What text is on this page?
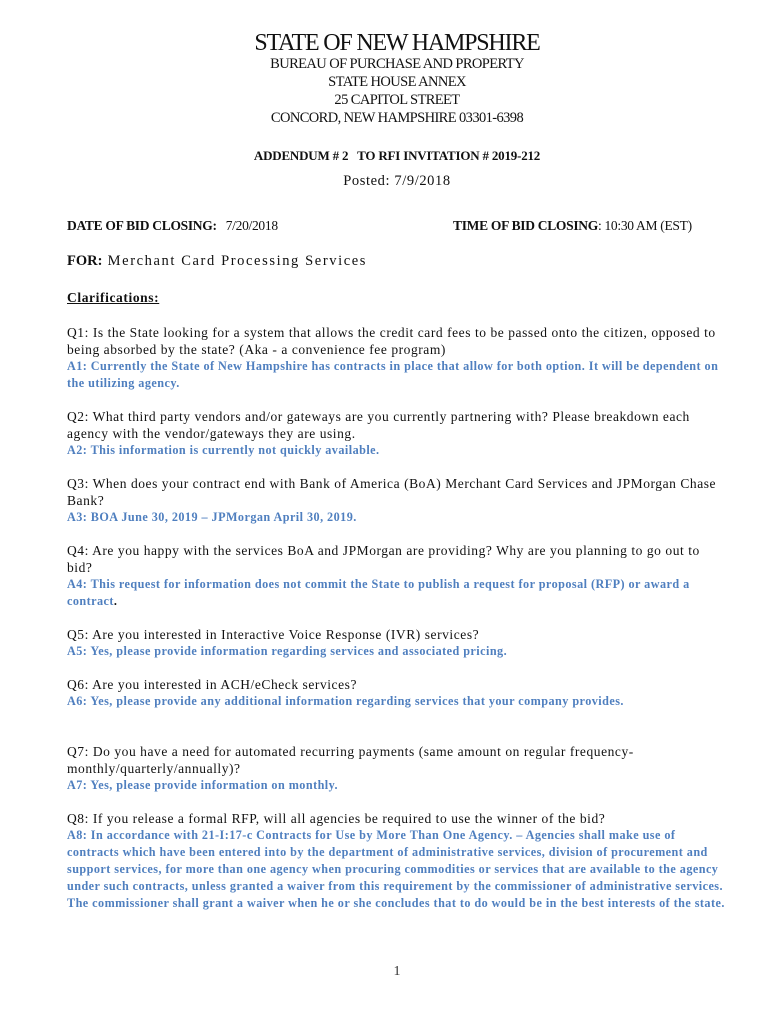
STATE OF NEW HAMPSHIRE
BUREAU OF PURCHASE AND PROPERTY
STATE HOUSE ANNEX
25 CAPITOL STREET
CONCORD, NEW HAMPSHIRE 03301-6398
ADDENDUM # 2   TO RFI INVITATION # 2019-212
Posted: 7/9/2018
DATE OF BID CLOSING: 7/20/2018	TIME OF BID CLOSING: 10:30 AM (EST)
FOR: Merchant Card Processing Services
Clarifications:
Q1: Is the State looking for a system that allows the credit card fees to be passed onto the citizen, opposed to being absorbed by the state? (Aka - a convenience fee program)
A1: Currently the State of New Hampshire has contracts in place that allow for both option. It will be dependent on the utilizing agency.
Q2: What third party vendors and/or gateways are you currently partnering with? Please breakdown each agency with the vendor/gateways they are using.
A2: This information is currently not quickly available.
Q3: When does your contract end with Bank of America (BoA) Merchant Card Services and JPMorgan Chase Bank?
A3: BOA June 30, 2019 – JPMorgan April 30, 2019.
Q4: Are you happy with the services BoA and JPMorgan are providing? Why are you planning to go out to bid?
A4: This request for information does not commit the State to publish a request for proposal (RFP) or award a contract.
Q5: Are you interested in Interactive Voice Response (IVR) services?
A5: Yes, please provide information regarding services and associated pricing.
Q6: Are you interested in ACH/eCheck services?
A6: Yes, please provide any additional information regarding services that your company provides.
Q7: Do you have a need for automated recurring payments (same amount on regular frequency-monthly/quarterly/annually)?
A7: Yes, please provide information on monthly.
Q8: If you release a formal RFP, will all agencies be required to use the winner of the bid?
A8: In accordance with 21-I:17-c Contracts for Use by More Than One Agency. – Agencies shall make use of contracts which have been entered into by the department of administrative services, division of procurement and support services, for more than one agency when procuring commodities or services that are available to the agency under such contracts, unless granted a waiver from this requirement by the commissioner of administrative services. The commissioner shall grant a waiver when he or she concludes that to do would be in the best interests of the state.
1
